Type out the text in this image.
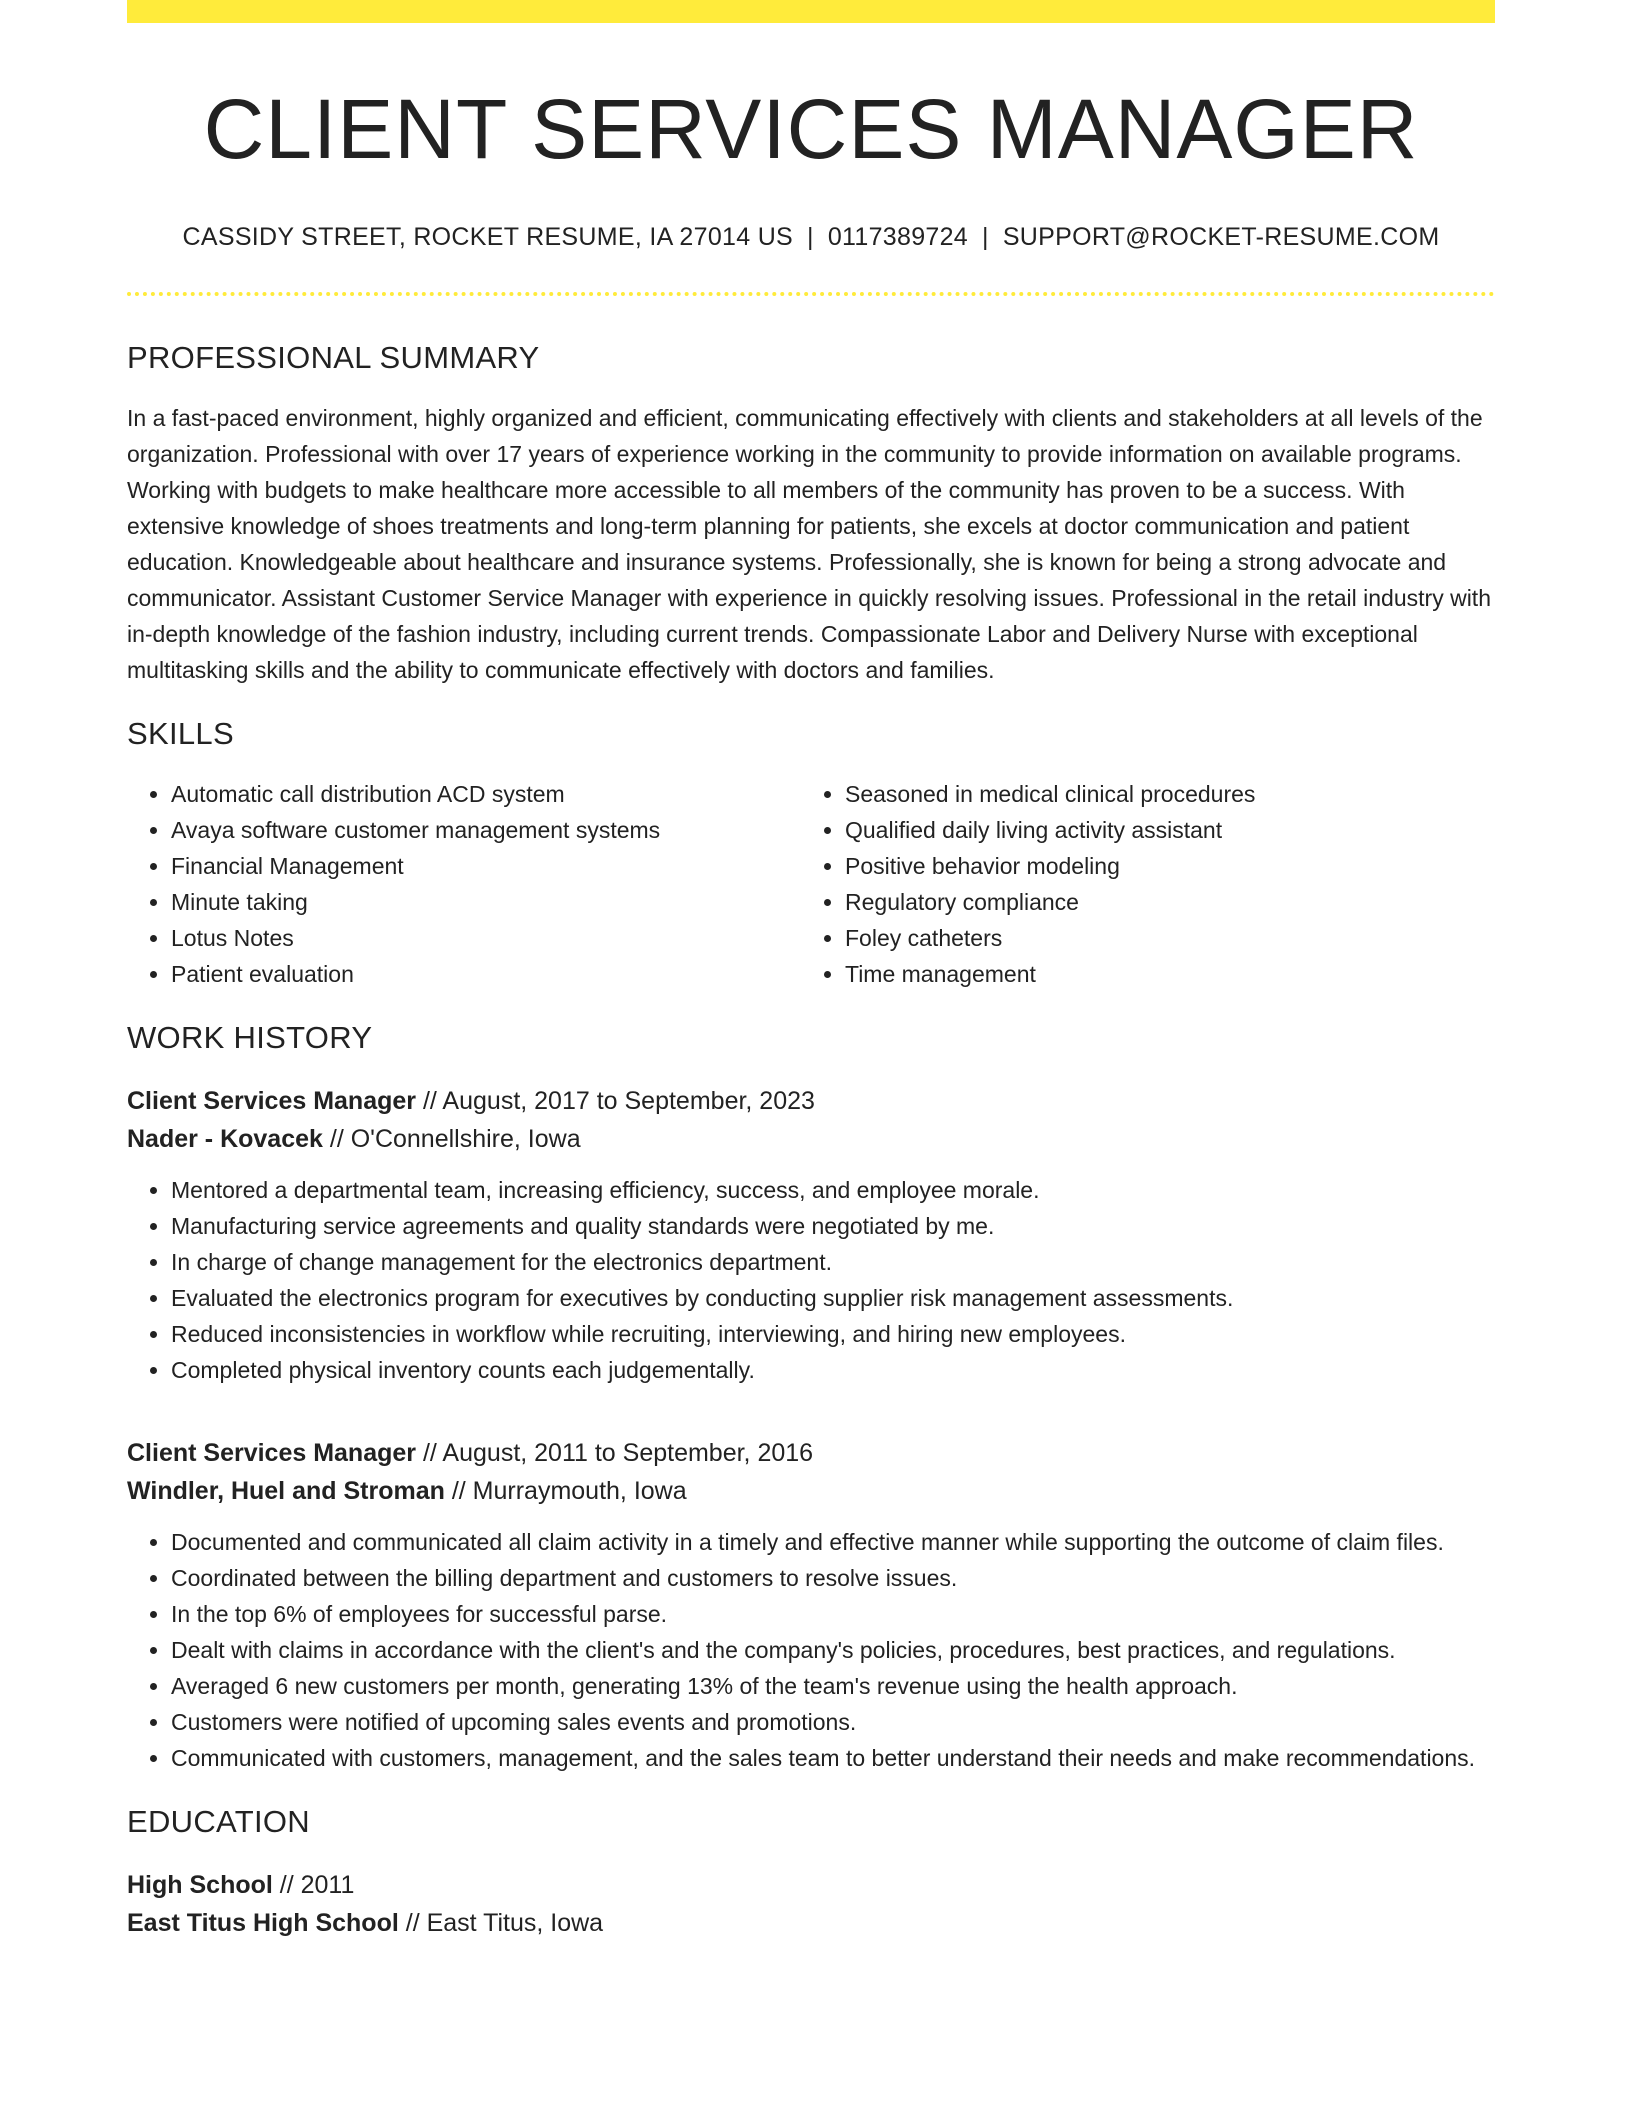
CLIENT SERVICES MANAGER
CASSIDY STREET, ROCKET RESUME, IA 27014 US | 0117389724 | SUPPORT@ROCKET-RESUME.COM
PROFESSIONAL SUMMARY
In a fast-paced environment, highly organized and efficient, communicating effectively with clients and stakeholders at all levels of the organization. Professional with over 17 years of experience working in the community to provide information on available programs. Working with budgets to make healthcare more accessible to all members of the community has proven to be a success. With extensive knowledge of shoes treatments and long-term planning for patients, she excels at doctor communication and patient education. Knowledgeable about healthcare and insurance systems. Professionally, she is known for being a strong advocate and communicator. Assistant Customer Service Manager with experience in quickly resolving issues. Professional in the retail industry with in-depth knowledge of the fashion industry, including current trends. Compassionate Labor and Delivery Nurse with exceptional multitasking skills and the ability to communicate effectively with doctors and families.
SKILLS
• Automatic call distribution ACD system
• Avaya software customer management systems
• Financial Management
• Minute taking
• Lotus Notes
• Patient evaluation
• Seasoned in medical clinical procedures
• Qualified daily living activity assistant
• Positive behavior modeling
• Regulatory compliance
• Foley catheters
• Time management
WORK HISTORY
Client Services Manager // August, 2017 to September, 2023
Nader - Kovacek // O'Connellshire, Iowa
• Mentored a departmental team, increasing efficiency, success, and employee morale.
• Manufacturing service agreements and quality standards were negotiated by me.
• In charge of change management for the electronics department.
• Evaluated the electronics program for executives by conducting supplier risk management assessments.
• Reduced inconsistencies in workflow while recruiting, interviewing, and hiring new employees.
• Completed physical inventory counts each judgementally.
Client Services Manager // August, 2011 to September, 2016
Windler, Huel and Stroman // Murraymouth, Iowa
• Documented and communicated all claim activity in a timely and effective manner while supporting the outcome of claim files.
• Coordinated between the billing department and customers to resolve issues.
• In the top 6% of employees for successful parse.
• Dealt with claims in accordance with the client's and the company's policies, procedures, best practices, and regulations.
• Averaged 6 new customers per month, generating 13% of the team's revenue using the health approach.
• Customers were notified of upcoming sales events and promotions.
• Communicated with customers, management, and the sales team to better understand their needs and make recommendations.
EDUCATION
High School // 2011
East Titus High School // East Titus, Iowa
